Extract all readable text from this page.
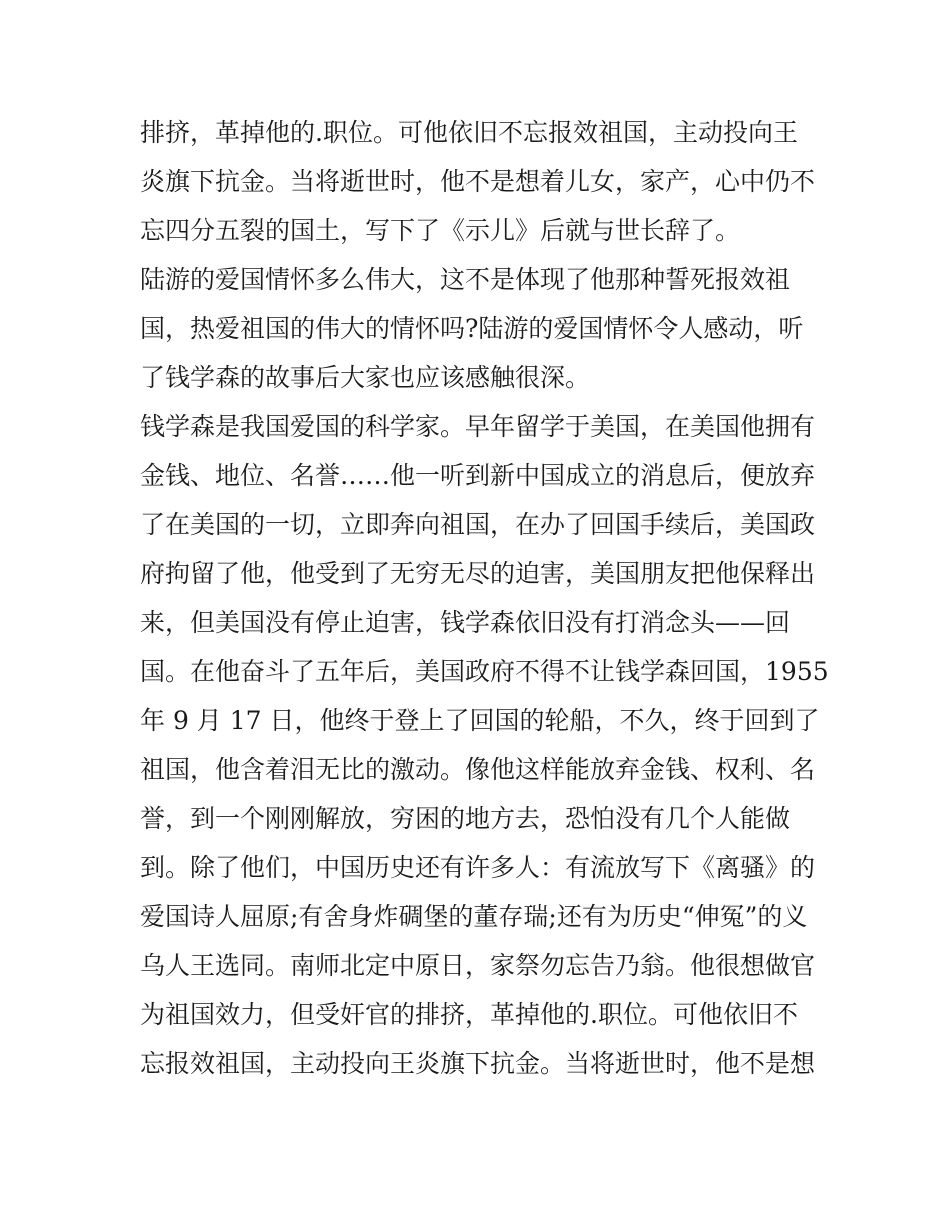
排挤，革掉他的.职位。可他依旧不忘报效祖国，主动投向王
炎旗下抗金。当将逝世时，他不是想着儿女，家产，心中仍不
忘四分五裂的国土，写下了《示儿》后就与世长辞了。
陆游的爱国情怀多么伟大，这不是体现了他那种誓死报效祖
国，热爱祖国的伟大的情怀吗?陆游的爱国情怀令人感动，听
了钱学森的故事后大家也应该感触很深。
钱学森是我国爱国的科学家。早年留学于美国，在美国他拥有
金钱、地位、名誉……他一听到新中国成立的消息后，便放弃
了在美国的一切，立即奔向祖国，在办了回国手续后，美国政
府拘留了他，他受到了无穷无尽的迫害，美国朋友把他保释出
来，但美国没有停止迫害，钱学森依旧没有打消念头——回
国。在他奋斗了五年后，美国政府不得不让钱学森回国，1955
年 9 月 17 日，他终于登上了回国的轮船，不久，终于回到了
祖国，他含着泪无比的激动。像他这样能放弃金钱、权利、名
誉，到一个刚刚解放，穷困的地方去，恐怕没有几个人能做
到。除了他们，中国历史还有许多人：有流放写下《离骚》的
爱国诗人屈原;有舍身炸碉堡的董存瑞;还有为历史“伸冤”的义
乌人王选同。南师北定中原日，家祭勿忘告乃翁。他很想做官
为祖国效力，但受奸官的排挤，革掉他的.职位。可他依旧不
忘报效祖国，主动投向王炎旗下抗金。当将逝世时，他不是想
